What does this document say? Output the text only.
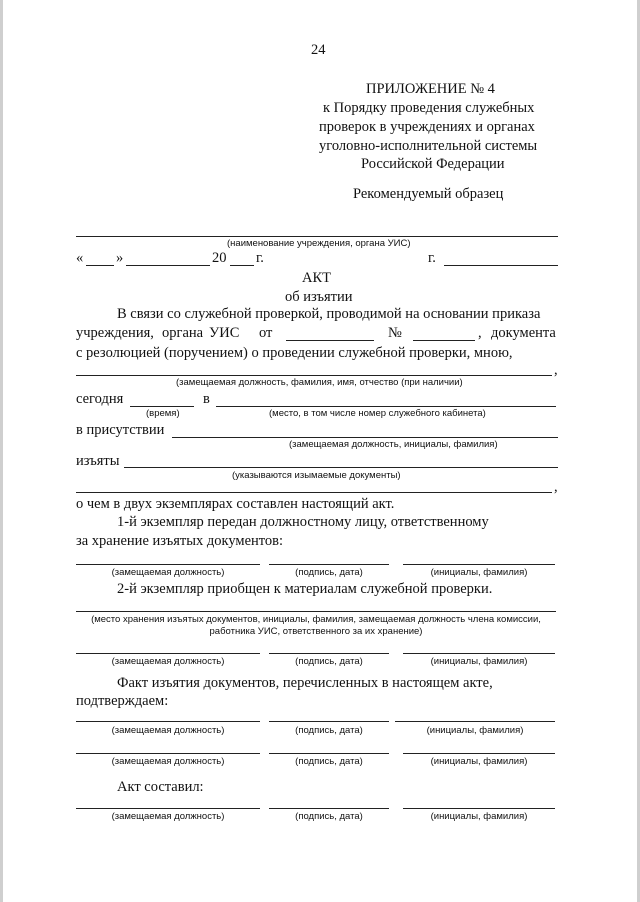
24
ПРИЛОЖЕНИЕ № 4
к Порядку проведения служебных
проверок в учреждениях и органах
уголовно-исполнительной системы
Российской Федерации
Рекомендуемый образец
(наименование учреждения, органа УИС)
« »	20 г.	г.
АКТ
об изъятии
В связи со служебной проверкой, проводимой на основании приказа
учреждения, органа УИС от	№	, документа
с резолюцией (поручением) о проведении служебной проверки, мною,
,
(замещаемая должность, фамилия, имя, отчество (при наличии)
сегодня	в
(время)	(место, в том числе номер служебного кабинета)
в присутствии
(замещаемая должность, инициалы, фамилия)
изъяты
(указываются изымаемые документы)
,
о чем в двух экземплярах составлен настоящий акт.
1-й экземпляр передан должностному лицу, ответственному
за хранение изъятых документов:
(замещаемая должность)	(подпись, дата)	(инициалы, фамилия)
2-й экземпляр приобщен к материалам служебной проверки.
(место хранения изъятых документов, инициалы, фамилия, замещаемая должность члена комиссии,
работника УИС, ответственного за их хранение)
(замещаемая должность)	(подпись, дата)	(инициалы, фамилия)
Факт изъятия документов, перечисленных в настоящем акте,
подтверждаем:
(замещаемая должность)	(подпись, дата)	(инициалы, фамилия)
(замещаемая должность)	(подпись, дата)	(инициалы, фамилия)
Акт составил:
(замещаемая должность)	(подпись, дата)	(инициалы, фамилия)
